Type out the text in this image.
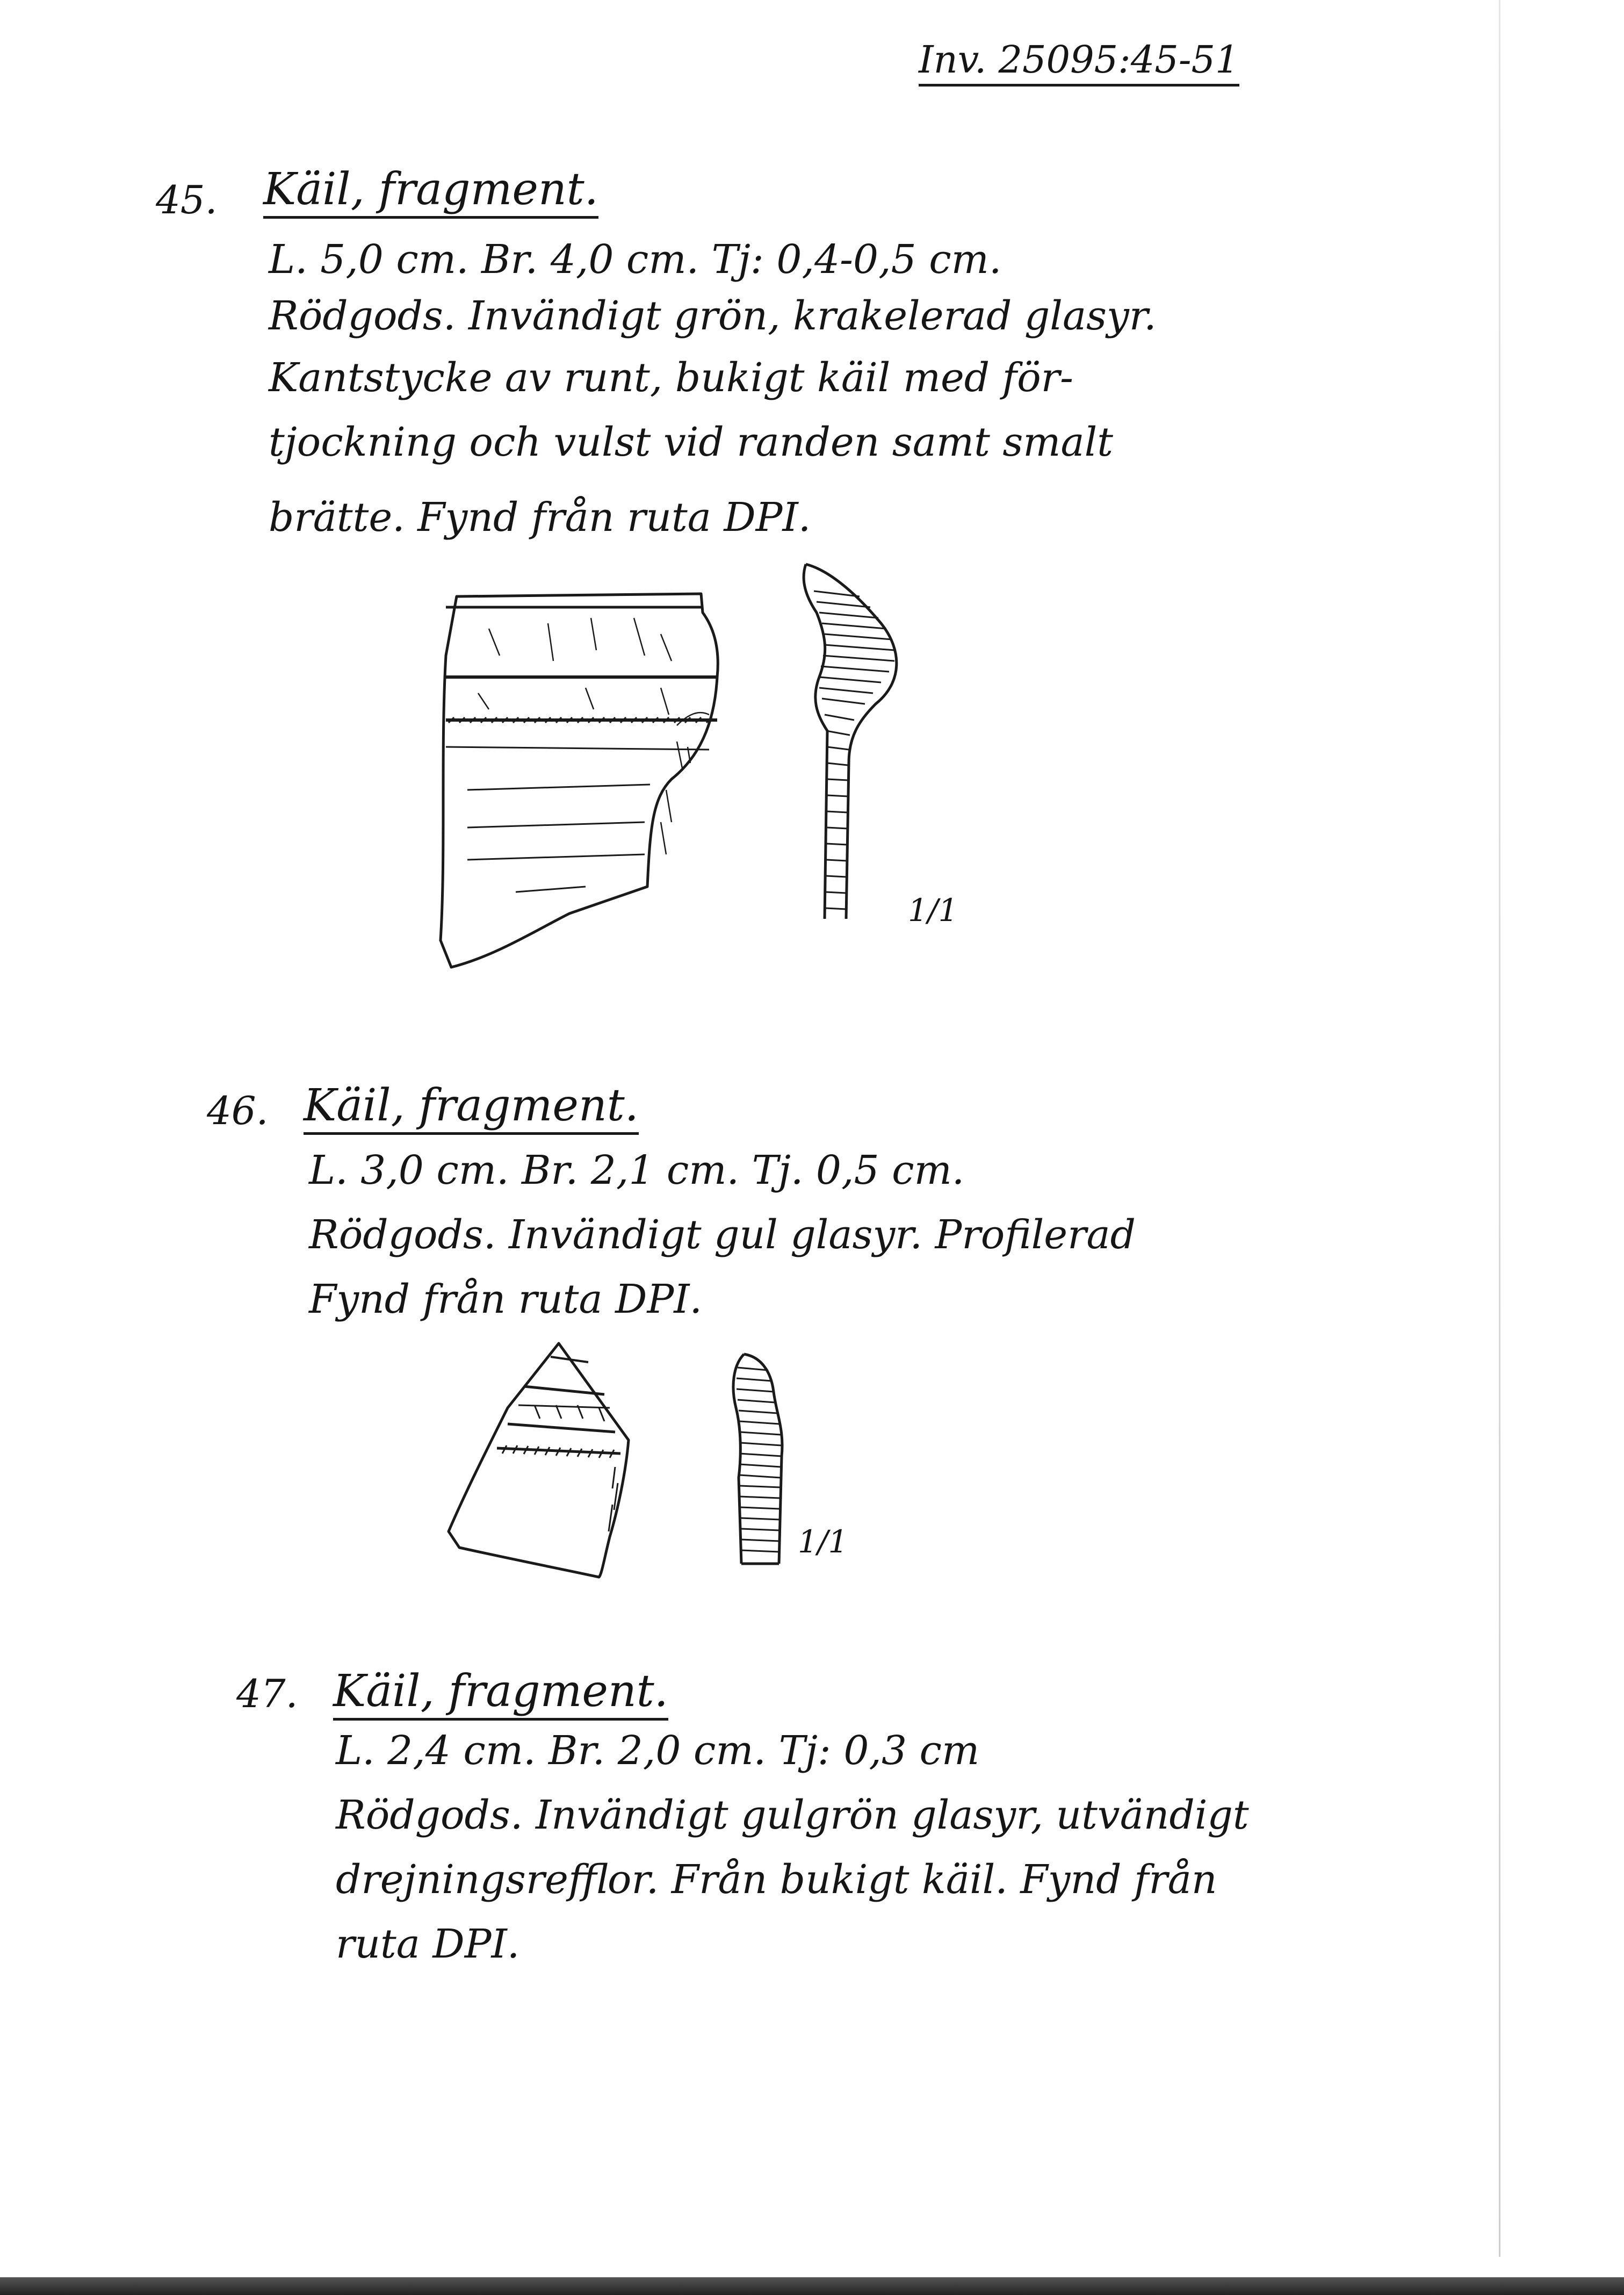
Inv. 25095:45-51
45. Käil, fragment.
L. 5,0 cm. Br. 4,0 cm. Tj: 0,4-0,5 cm.
Rödgods. Invändigt grön, krakelerad glasyr.
Kantstycke av runt, bukigt käil med för-
tjockning och vulst vid randen samt smalt
brätte. Fynd från ruta DPI.
1/1
46. Käil, fragment.
L. 3,0 cm. Br. 2,1 cm. Tj. 0,5 cm.
Rödgods. Invändigt gul glasyr. Profilerad
Fynd från ruta DPI.
1/1
47. Käil, fragment.
L. 2,4 cm. Br. 2,0 cm. Tj: 0,3 cm
Rödgods. Invändigt gulgrön glasyr, utvändigt
drejningsrefflor. Från bukigt käil. Fynd från
ruta DPI.
